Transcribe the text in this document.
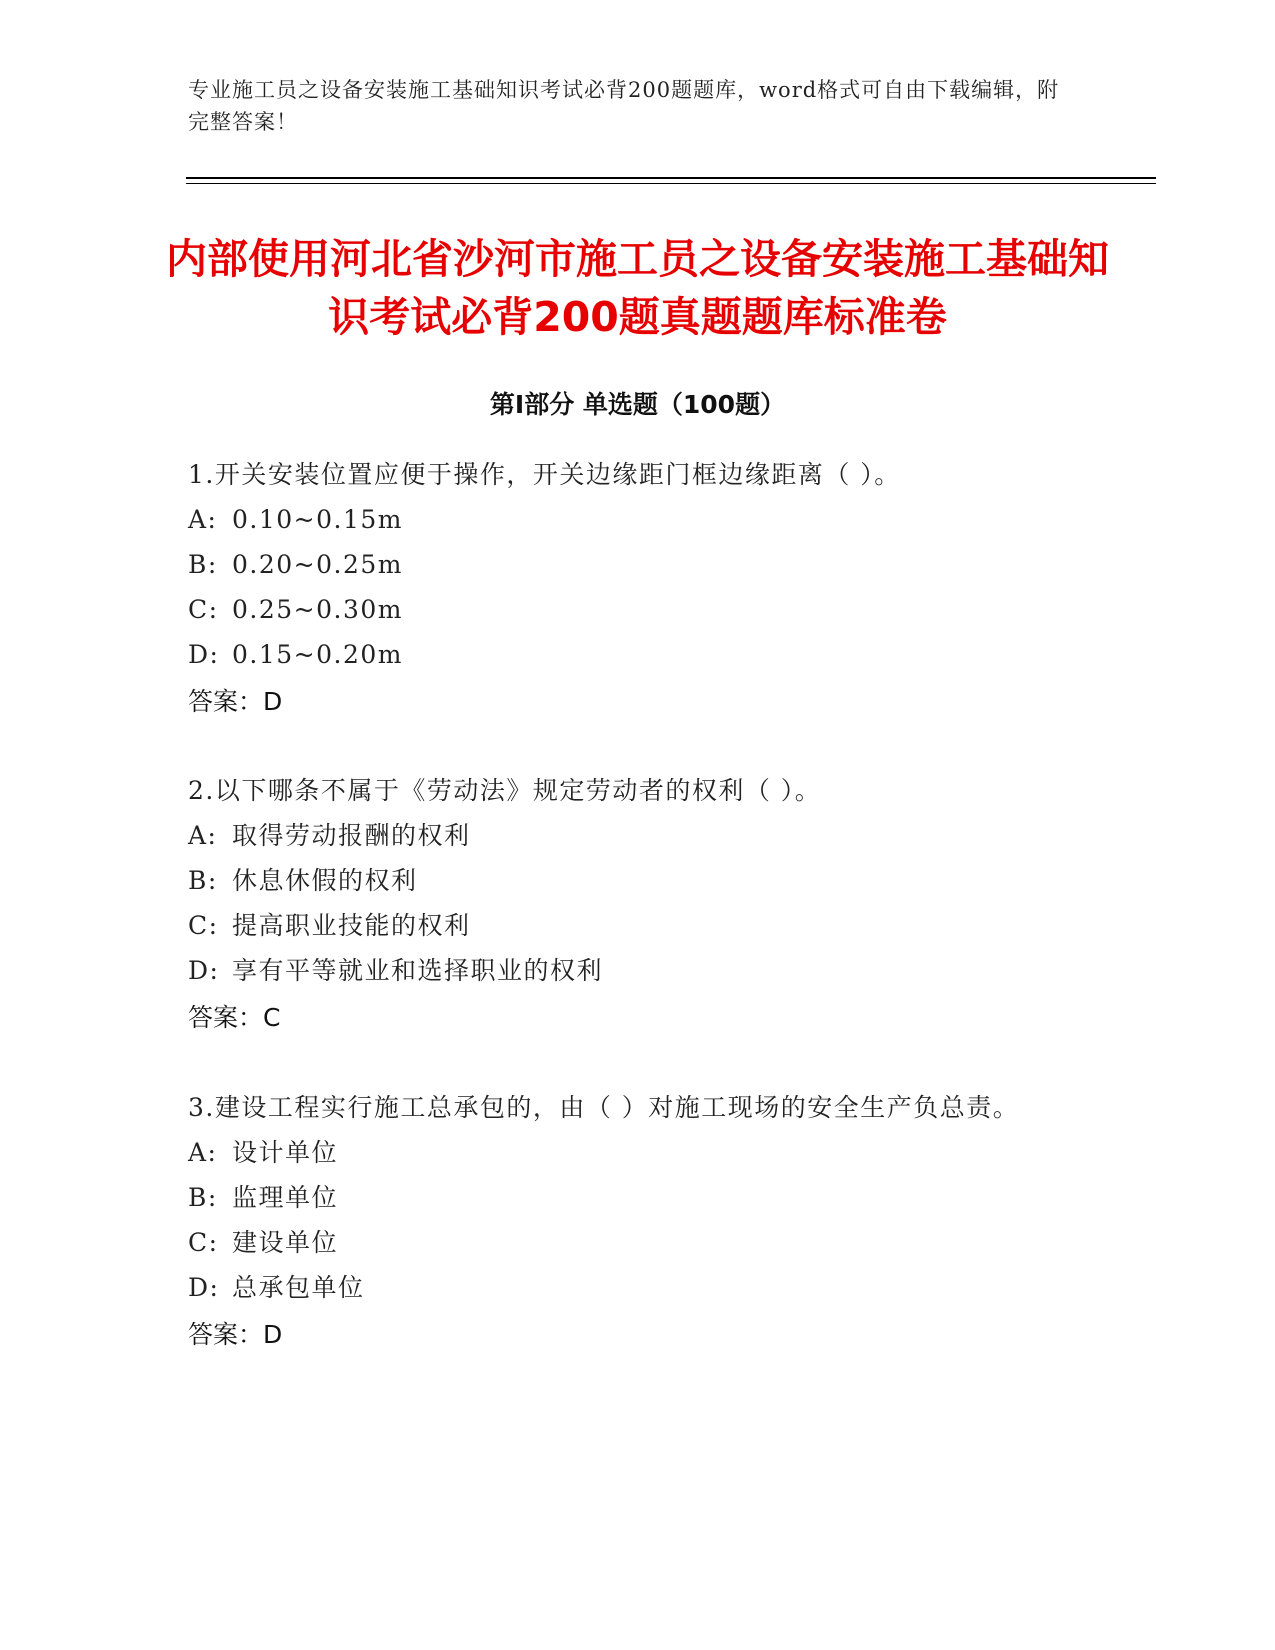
专业施工员之设备安装施工基础知识考试必背200题题库，word格式可自由下载编辑，附完整答案！
内部使用河北省沙河市施工员之设备安装施工基础知识考试必背200题真题题库标准卷
第I部分 单选题（100题）
1.开关安装位置应便于操作，开关边缘距门框边缘距离（ ）。
A: 0.10~0.15m
B: 0.20~0.25m
C: 0.25~0.30m
D: 0.15~0.20m
答案：D
2.以下哪条不属于《劳动法》规定劳动者的权利（ ）。
A: 取得劳动报酬的权利
B: 休息休假的权利
C: 提高职业技能的权利
D: 享有平等就业和选择职业的权利
答案：C
3.建设工程实行施工总承包的，由（ ）对施工现场的安全生产负总责。
A: 设计单位
B: 监理单位
C: 建设单位
D: 总承包单位
答案：D
